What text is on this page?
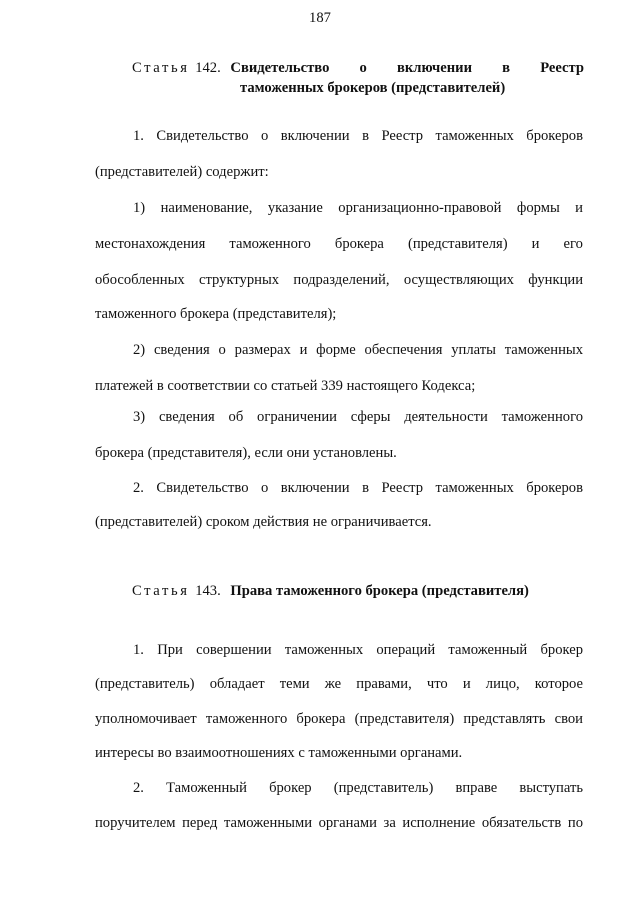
187
Статья 142. Свидетельство о включении в Реестр
таможенных брокеров (представителей)
1. Свидетельство о включении в Реестр таможенных брокеров
(представителей) содержит:
1) наименование, указание организационно-правовой формы и
местонахождения таможенного брокера (представителя) и его
обособленных структурных подразделений, осуществляющих функции
таможенного брокера (представителя);
2) сведения о размерах и форме обеспечения уплаты таможенных
платежей в соответствии со статьей 339 настоящего Кодекса;
3) сведения об ограничении сферы деятельности таможенного
брокера (представителя), если они установлены.
2. Свидетельство о включении в Реестр таможенных брокеров
(представителей) сроком действия не ограничивается.
Статья 143. Права таможенного брокера (представителя)
1. При совершении таможенных операций таможенный брокер
(представитель) обладает теми же правами, что и лицо, которое
уполномочивает таможенного брокера (представителя) представлять свои
интересы во взаимоотношениях с таможенными органами.
2. Таможенный брокер (представитель) вправе выступать
поручителем перед таможенными органами за исполнение обязательств по
